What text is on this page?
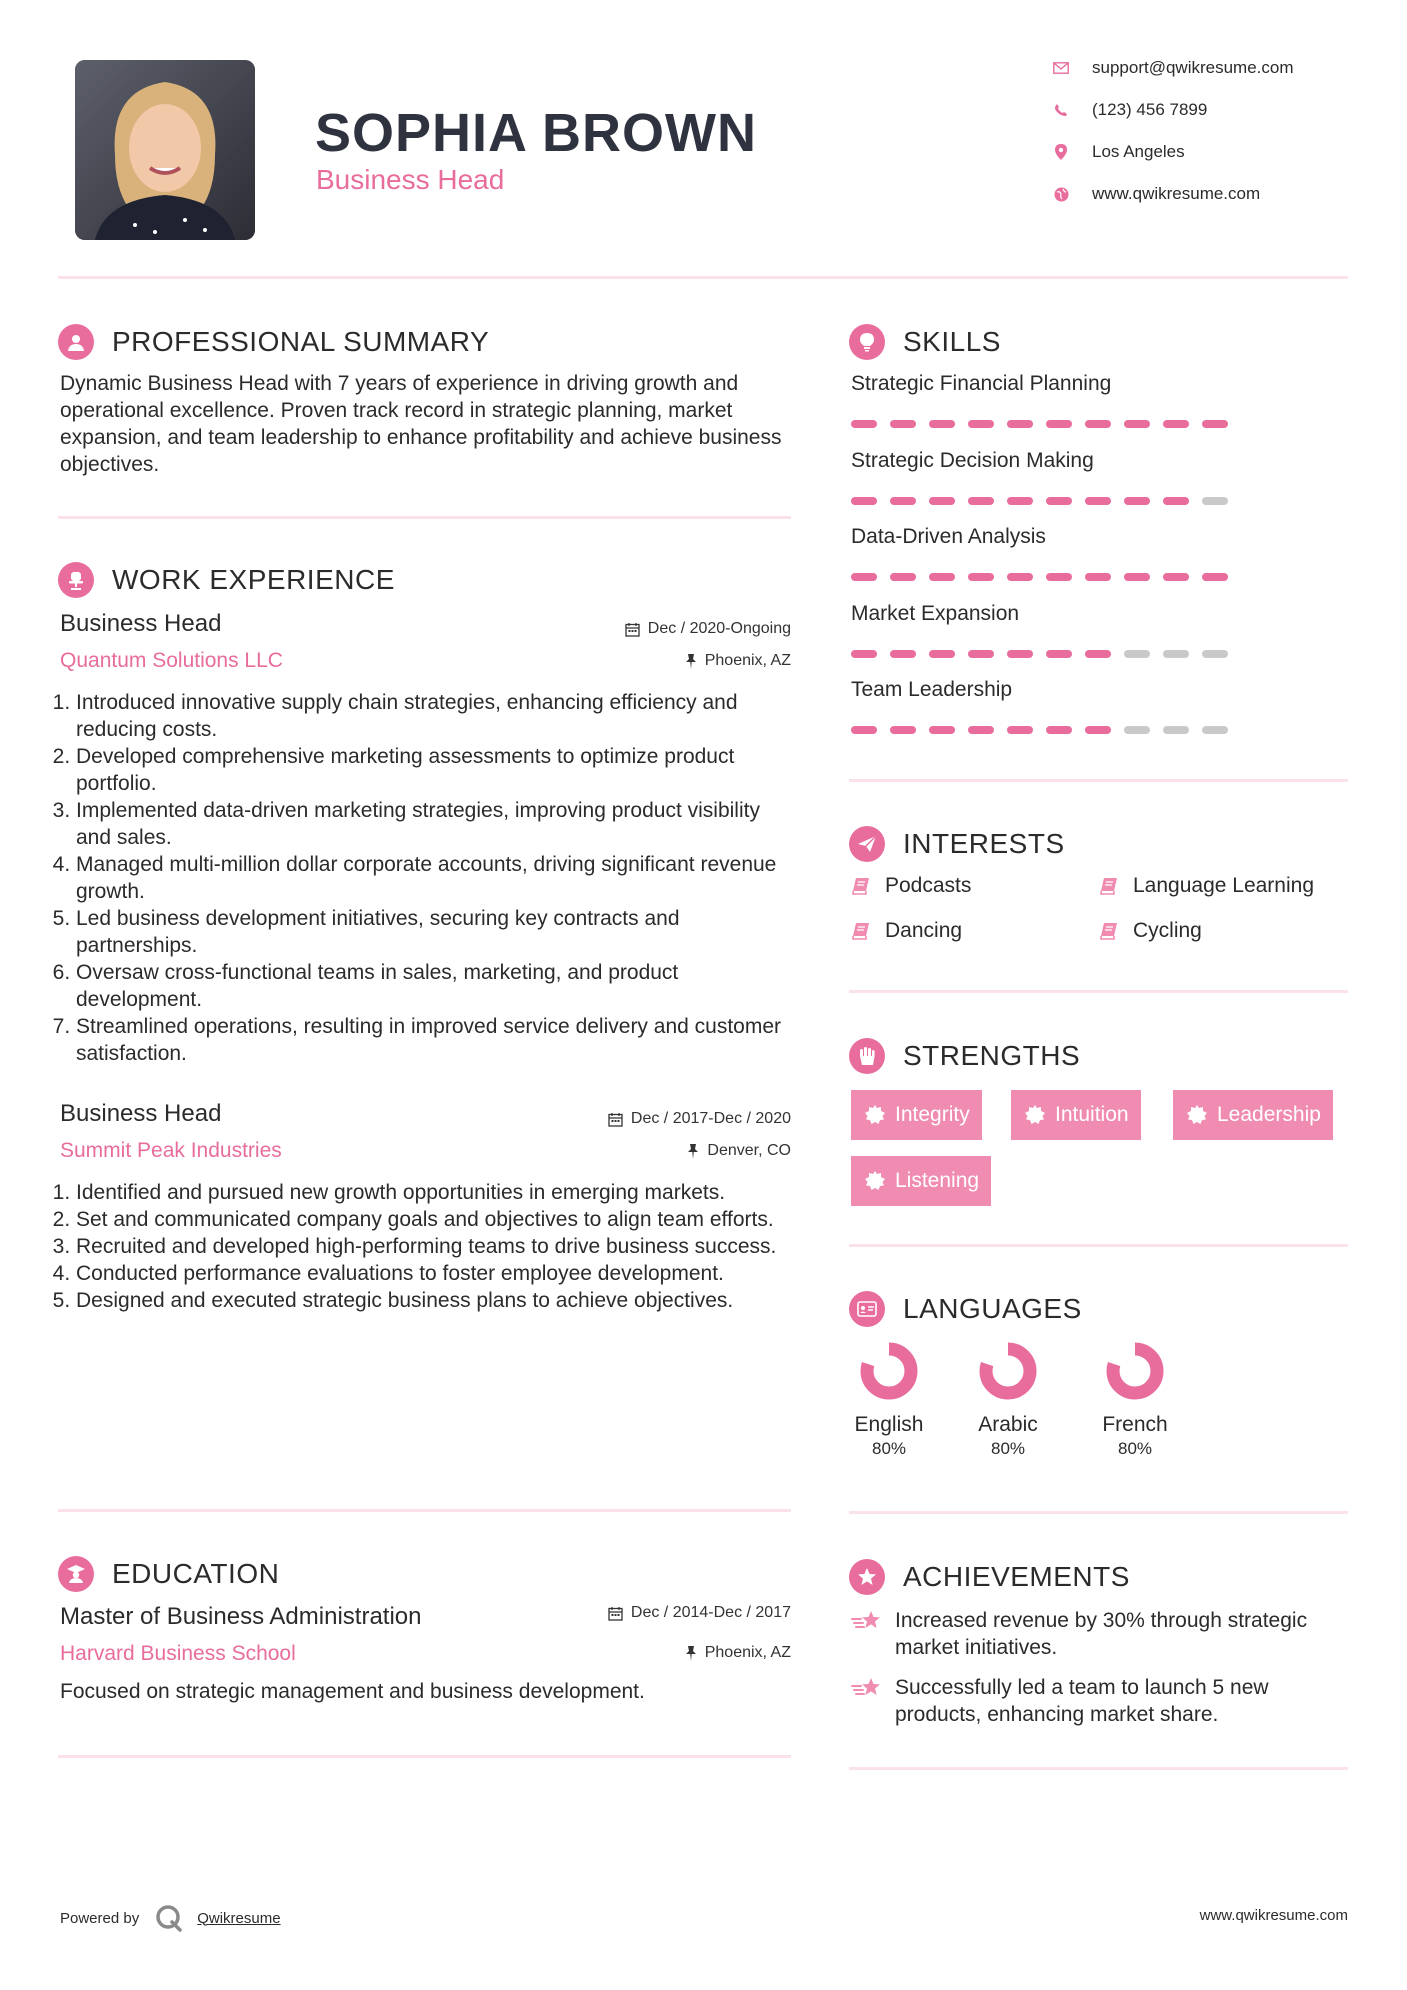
SOPHIA BROWN
Business Head
support@qwikresume.com
(123) 456 7899
Los Angeles
www.qwikresume.com
PROFESSIONAL SUMMARY
Dynamic Business Head with 7 years of experience in driving growth and operational excellence. Proven track record in strategic planning, market expansion, and team leadership to enhance profitability and achieve business objectives.
WORK EXPERIENCE
Business Head	Dec / 2020-Ongoing
Quantum Solutions LLC	Phoenix, AZ
1. Introduced innovative supply chain strategies, enhancing efficiency and reducing costs.
2. Developed comprehensive marketing assessments to optimize product portfolio.
3. Implemented data-driven marketing strategies, improving product visibility and sales.
4. Managed multi-million dollar corporate accounts, driving significant revenue growth.
5. Led business development initiatives, securing key contracts and partnerships.
6. Oversaw cross-functional teams in sales, marketing, and product development.
7. Streamlined operations, resulting in improved service delivery and customer satisfaction.
Business Head	Dec / 2017-Dec / 2020
Summit Peak Industries	Denver, CO
1. Identified and pursued new growth opportunities in emerging markets.
2. Set and communicated company goals and objectives to align team efforts.
3. Recruited and developed high-performing teams to drive business success.
4. Conducted performance evaluations to foster employee development.
5. Designed and executed strategic business plans to achieve objectives.
EDUCATION
Master of Business Administration	Dec / 2014-Dec / 2017
Harvard Business School	Phoenix, AZ
Focused on strategic management and business development.
SKILLS
Strategic Financial Planning
Strategic Decision Making
Data-Driven Analysis
Market Expansion
Team Leadership
INTERESTS
Podcasts	Language Learning
Dancing	Cycling
STRENGTHS
Integrity	Intuition	Leadership
Listening
LANGUAGES
English
80%
Arabic
80%
French
80%
ACHIEVEMENTS
Increased revenue by 30% through strategic market initiatives.
Successfully led a team to launch 5 new products, enhancing market share.
Powered by	Qwikresume	www.qwikresume.com
